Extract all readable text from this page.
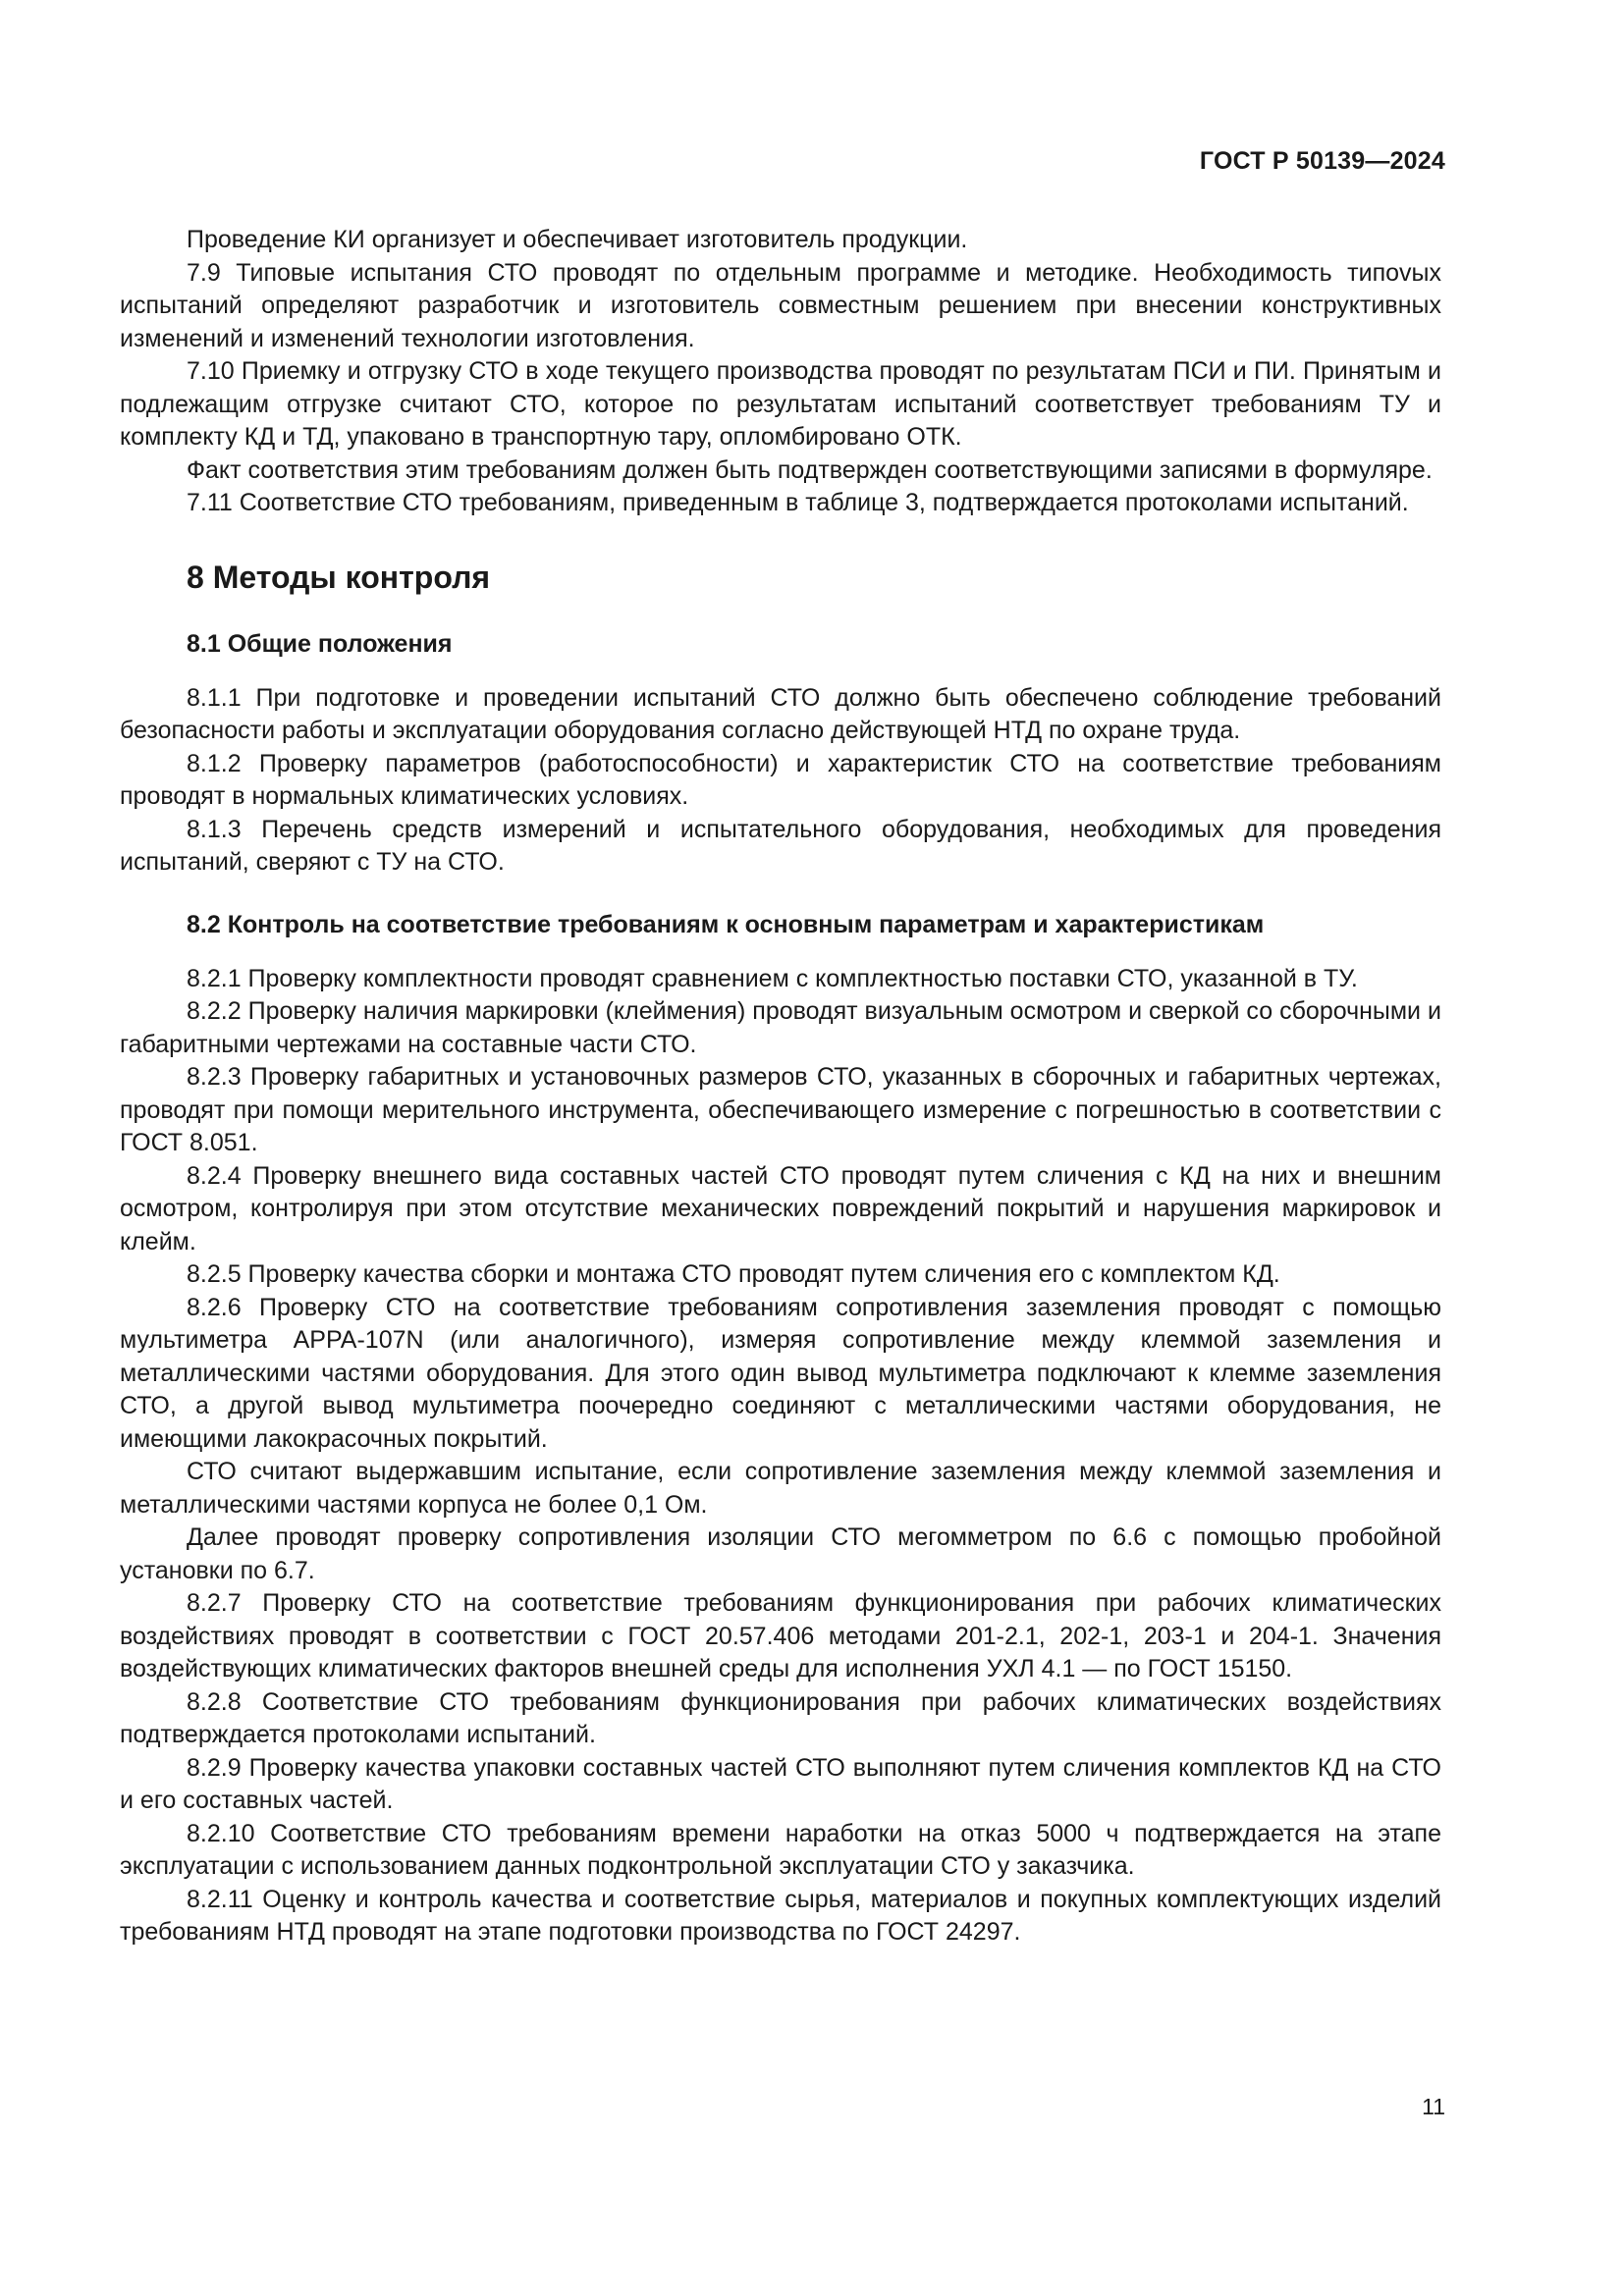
ГОСТ Р 50139—2024

Проведение КИ организует и обеспечивает изготовитель продукции.

7.9 Типовые испытания СТО проводят по отдельным программе и методике. Необходимость типоvых испытаний определяют разработчик и изготовитель совместным решением при внесении конструктивных изменений и изменений технологии изготовления.

7.10 Приемку и отгрузку СТО в ходе текущего производства проводят по результатам ПСИ и ПИ. Принятым и подлежащим отгрузке считают СТО, которое по результатам испытаний соответствует требованиям ТУ и комплекту КД и ТД, упаковано в транспортную тару, опломбировано ОТК.

Факт соответствия этим требованиям должен быть подтвержден соответствующими записями в формуляре.

7.11 Соответствие СТО требованиям, приведенным в таблице 3, подтверждается протоколами испытаний.

8 Методы контроля
8.1 Общие положения

8.1.1 При подготовке и проведении испытаний СТО должно быть обеспечено соблюдение требований безопасности работы и эксплуатации оборудования согласно действующей НТД по охране труда.

8.1.2 Проверку параметров (работоспособности) и характеристик СТО на соответствие требованиям проводят в нормальных климатических условиях.

8.1.3 Перечень средств измерений и испытательного оборудования, необходимых для проведения испытаний, сверяют с ТУ на СТО.

8.2 Контроль на соответствие требованиям к основным параметрам и характеристикам

8.2.1 Проверку комплектности проводят сравнением с комплектностью поставки СТО, указанной в ТУ.

8.2.2 Проверку наличия маркировки (клеймения) проводят визуальным осмотром и сверкой со сборочными и габаритными чертежами на составные части СТО.

8.2.3 Проверку габаритных и установочных размеров СТО, указанных в сборочных и габаритных чертежах, проводят при помощи мерительного инструмента, обеспечивающего измерение с погрешностью в соответствии с ГОСТ 8.051.

8.2.4 Проверку внешнего вида составных частей СТО проводят путем сличения с КД на них и внешним осмотром, контролируя при этом отсутствие механических повреждений покрытий и нарушения маркировок и клейм.

8.2.5 Проверку качества сборки и монтажа СТО проводят путем сличения его с комплектом КД.

8.2.6 Проверку СТО на соответствие требованиям сопротивления заземления проводят с помощью мультиметра APPA-107N (или аналогичного), измеряя сопротивление между клеммой заземления и металлическими частями оборудования. Для этого один вывод мультиметра подключают к клемме заземления СТО, а другой вывод мультиметра поочередно соединяют с металлическими частями оборудования, не имеющими лакокрасочных покрытий.

СТО считают выдержавшим испытание, если сопротивление заземления между клеммой заземления и металлическими частями корпуса не более 0,1 Ом.

Далее проводят проверку сопротивления изоляции СТО мегомметром по 6.6 с помощью пробойной установки по 6.7.

8.2.7 Проверку СТО на соответствие требованиям функционирования при рабочих климатических воздействиях проводят в соответствии с ГОСТ 20.57.406 методами 201-2.1, 202-1, 203-1 и 204-1. Значения воздействующих климатических факторов внешней среды для исполнения УХЛ 4.1 — по ГОСТ 15150.

8.2.8 Соответствие СТО требованиям функционирования при рабочих климатических воздействиях подтверждается протоколами испытаний.

8.2.9 Проверку качества упаковки составных частей СТО выполняют путем сличения комплектов КД на СТО и его составных частей.

8.2.10 Соответствие СТО требованиям времени наработки на отказ 5000 ч подтверждается на этапе эксплуатации с использованием данных подконтрольной эксплуатации СТО у заказчика.

8.2.11 Оценку и контроль качества и соответствие сырья, материалов и покупных комплектующих изделий требованиям НТД проводят на этапе подготовки производства по ГОСТ 24297.

11
